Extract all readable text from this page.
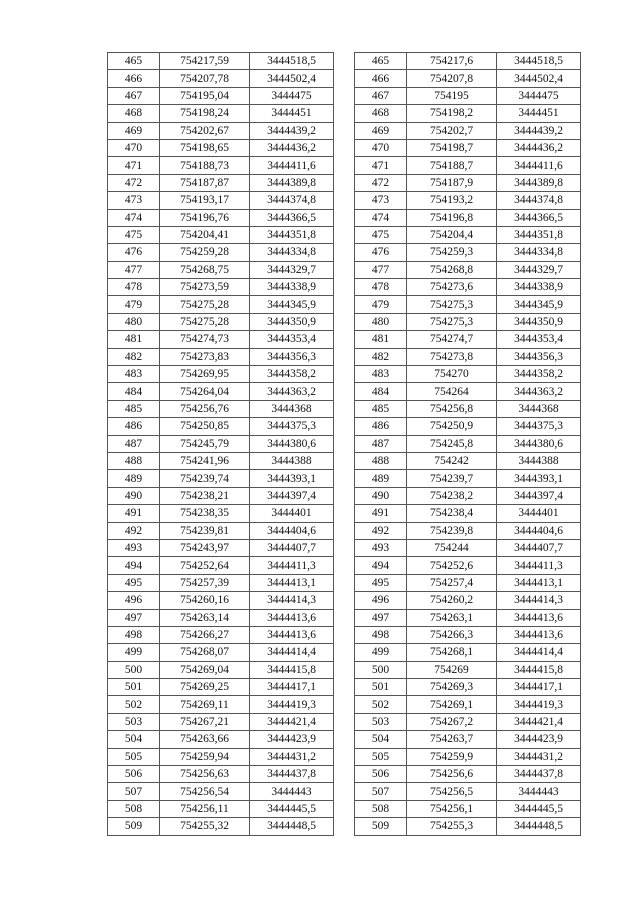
465	754217,59	3444518,5		465	754217,6	3444518,5
466	754207,78	3444502,4		466	754207,8	3444502,4
467	754195,04	3444475		467	754195	3444475
468	754198,24	3444451		468	754198,2	3444451
469	754202,67	3444439,2		469	754202,7	3444439,2
470	754198,65	3444436,2		470	754198,7	3444436,2
471	754188,73	3444411,6		471	754188,7	3444411,6
472	754187,87	3444389,8		472	754187,9	3444389,8
473	754193,17	3444374,8		473	754193,2	3444374,8
474	754196,76	3444366,5		474	754196,8	3444366,5
475	754204,41	3444351,8		475	754204,4	3444351,8
476	754259,28	3444334,8		476	754259,3	3444334,8
477	754268,75	3444329,7		477	754268,8	3444329,7
478	754273,59	3444338,9		478	754273,6	3444338,9
479	754275,28	3444345,9		479	754275,3	3444345,9
480	754275,28	3444350,9		480	754275,3	3444350,9
481	754274,73	3444353,4		481	754274,7	3444353,4
482	754273,83	3444356,3		482	754273,8	3444356,3
483	754269,95	3444358,2		483	754270	3444358,2
484	754264,04	3444363,2		484	754264	3444363,2
485	754256,76	3444368		485	754256,8	3444368
486	754250,85	3444375,3		486	754250,9	3444375,3
487	754245,79	3444380,6		487	754245,8	3444380,6
488	754241,96	3444388		488	754242	3444388
489	754239,74	3444393,1		489	754239,7	3444393,1
490	754238,21	3444397,4		490	754238,2	3444397,4
491	754238,35	3444401		491	754238,4	3444401
492	754239,81	3444404,6		492	754239,8	3444404,6
493	754243,97	3444407,7		493	754244	3444407,7
494	754252,64	3444411,3		494	754252,6	3444411,3
495	754257,39	3444413,1		495	754257,4	3444413,1
496	754260,16	3444414,3		496	754260,2	3444414,3
497	754263,14	3444413,6		497	754263,1	3444413,6
498	754266,27	3444413,6		498	754266,3	3444413,6
499	754268,07	3444414,4		499	754268,1	3444414,4
500	754269,04	3444415,8		500	754269	3444415,8
501	754269,25	3444417,1		501	754269,3	3444417,1
502	754269,11	3444419,3		502	754269,1	3444419,3
503	754267,21	3444421,4		503	754267,2	3444421,4
504	754263,66	3444423,9		504	754263,7	3444423,9
505	754259,94	3444431,2		505	754259,9	3444431,2
506	754256,63	3444437,8		506	754256,6	3444437,8
507	754256,54	3444443		507	754256,5	3444443
508	754256,11	3444445,5		508	754256,1	3444445,5
509	754255,32	3444448,5		509	754255,3	3444448,5
